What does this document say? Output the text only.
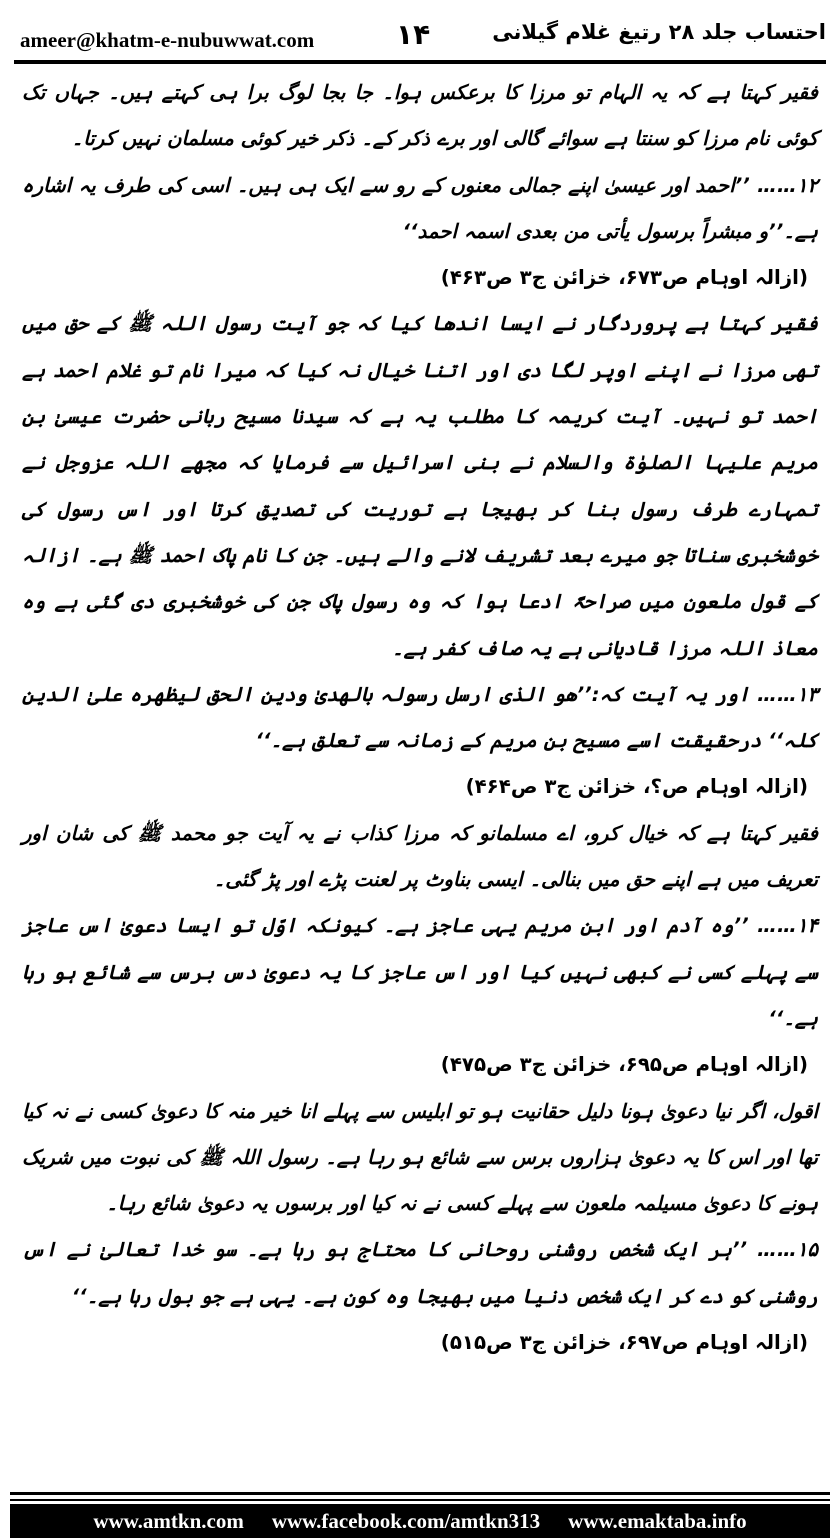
ameer@khatm-e-nubuwwat.com	۱۴	احتساب جلد ۲۸ رتیغ غلام گیلانی

فقیر کہتا ہے کہ یہ الہام تو مرزا کا برعکس ہوا۔ جا بجا لوگ برا ہی کہتے ہیں۔ جہاں تک کوئی نام مرزا کو سنتا ہے سوائے گالی اور برے ذکر کے۔ ذکر خیر کوئی مسلمان نہیں کرتا۔

۱۲…… ’’احمد اور عیسیٰ اپنے جمالی معنوں کے رو سے ایک ہی ہیں۔ اسی کی طرف یہ اشارہ ہے۔’’و مبشراً برسول یأتی من بعدی اسمہ احمد‘‘

(ازالہ اوہام ص۶۷۳، خزائن ج۳ ص۴۶۳)

فقیر کہتا ہے پروردگار نے ایسا اندھا کیا کہ جو آیت رسول اللہ ﷺ کے حق میں تھی مرزا نے اپنے اوپر لگا دی اور اتنا خیال نہ کیا کہ میرا نام تو غلام احمد ہے احمد تو نہیں۔ آیت کریمہ کا مطلب یہ ہے کہ سیدنا مسیح ربانی حضرت عیسیٰ بن مریم علیہا الصلوٰۃ والسلام نے بنی اسرائیل سے فرمایا کہ مجھے اللہ عزوجل نے تمہارے طرف رسول بنا کر بھیجا ہے توریت کی تصدیق کرتا اور اس رسول کی خوشخبری سناتا جو میرے بعد تشریف لانے والے ہیں۔ جن کا نام پاک احمد ﷺ ہے۔ ازالہ کے قول ملعون میں صراحۃً ادعا ہوا کہ وہ رسول پاک جن کی خوشخبری دی گئی ہے وہ معاذ اللہ مرزا قادیانی ہے یہ صاف کفر ہے۔

۱۳…… اور یہ آیت کہ:’’ھو الذی ارسل رسولہ بالھدیٰ ودین الحق لیظھرہ علیٰ الدین کلہ‘‘ درحقیقت اسے مسیح بن مریم کے زمانہ سے تعلق ہے۔‘‘

(ازالہ اوہام ص؟، خزائن ج۳ ص۴۶۴)

فقیر کہتا ہے کہ خیال کرو، اے مسلمانو کہ مرزا کذاب نے یہ آیت جو محمد ﷺ کی شان اور تعریف میں ہے اپنے حق میں بنالی۔ ایسی بناوٹ پر لعنت پڑے اور پڑ گئی۔

۱۴…… ’’وہ آدم اور ابن مریم یہی عاجز ہے۔ کیونکہ اوّل تو ایسا دعویٰ اس عاجز سے پہلے کسی نے کبھی نہیں کیا اور اس عاجز کا یہ دعویٰ دس برس سے شائع ہو رہا ہے۔‘‘

(ازالہ اوہام ص۶۹۵، خزائن ج۳ ص۴۷۵)

اقول، اگر نیا دعویٰ ہونا دلیل حقانیت ہو تو ابلیس سے پہلے انا خیر منہ کا دعویٰ کسی نے نہ کیا تھا اور اس کا یہ دعویٰ ہزاروں برس سے شائع ہو رہا ہے۔ رسول اللہ ﷺ کی نبوت میں شریک ہونے کا دعویٰ مسیلمہ ملعون سے پہلے کسی نے نہ کیا اور برسوں یہ دعویٰ شائع رہا۔

۱۵…… ’’ہر ایک شخص روشنی روحانی کا محتاج ہو رہا ہے۔ سو خدا تعالیٰ نے اس روشنی کو دے کر ایک شخص دنیا میں بھیجا وہ کون ہے۔ یہی ہے جو بول رہا ہے۔‘‘

(ازالہ اوہام ص۶۹۷، خزائن ج۳ ص۵۱۵)

www.amtkn.com www.facebook.com/amtkn313 www.emaktaba.info
